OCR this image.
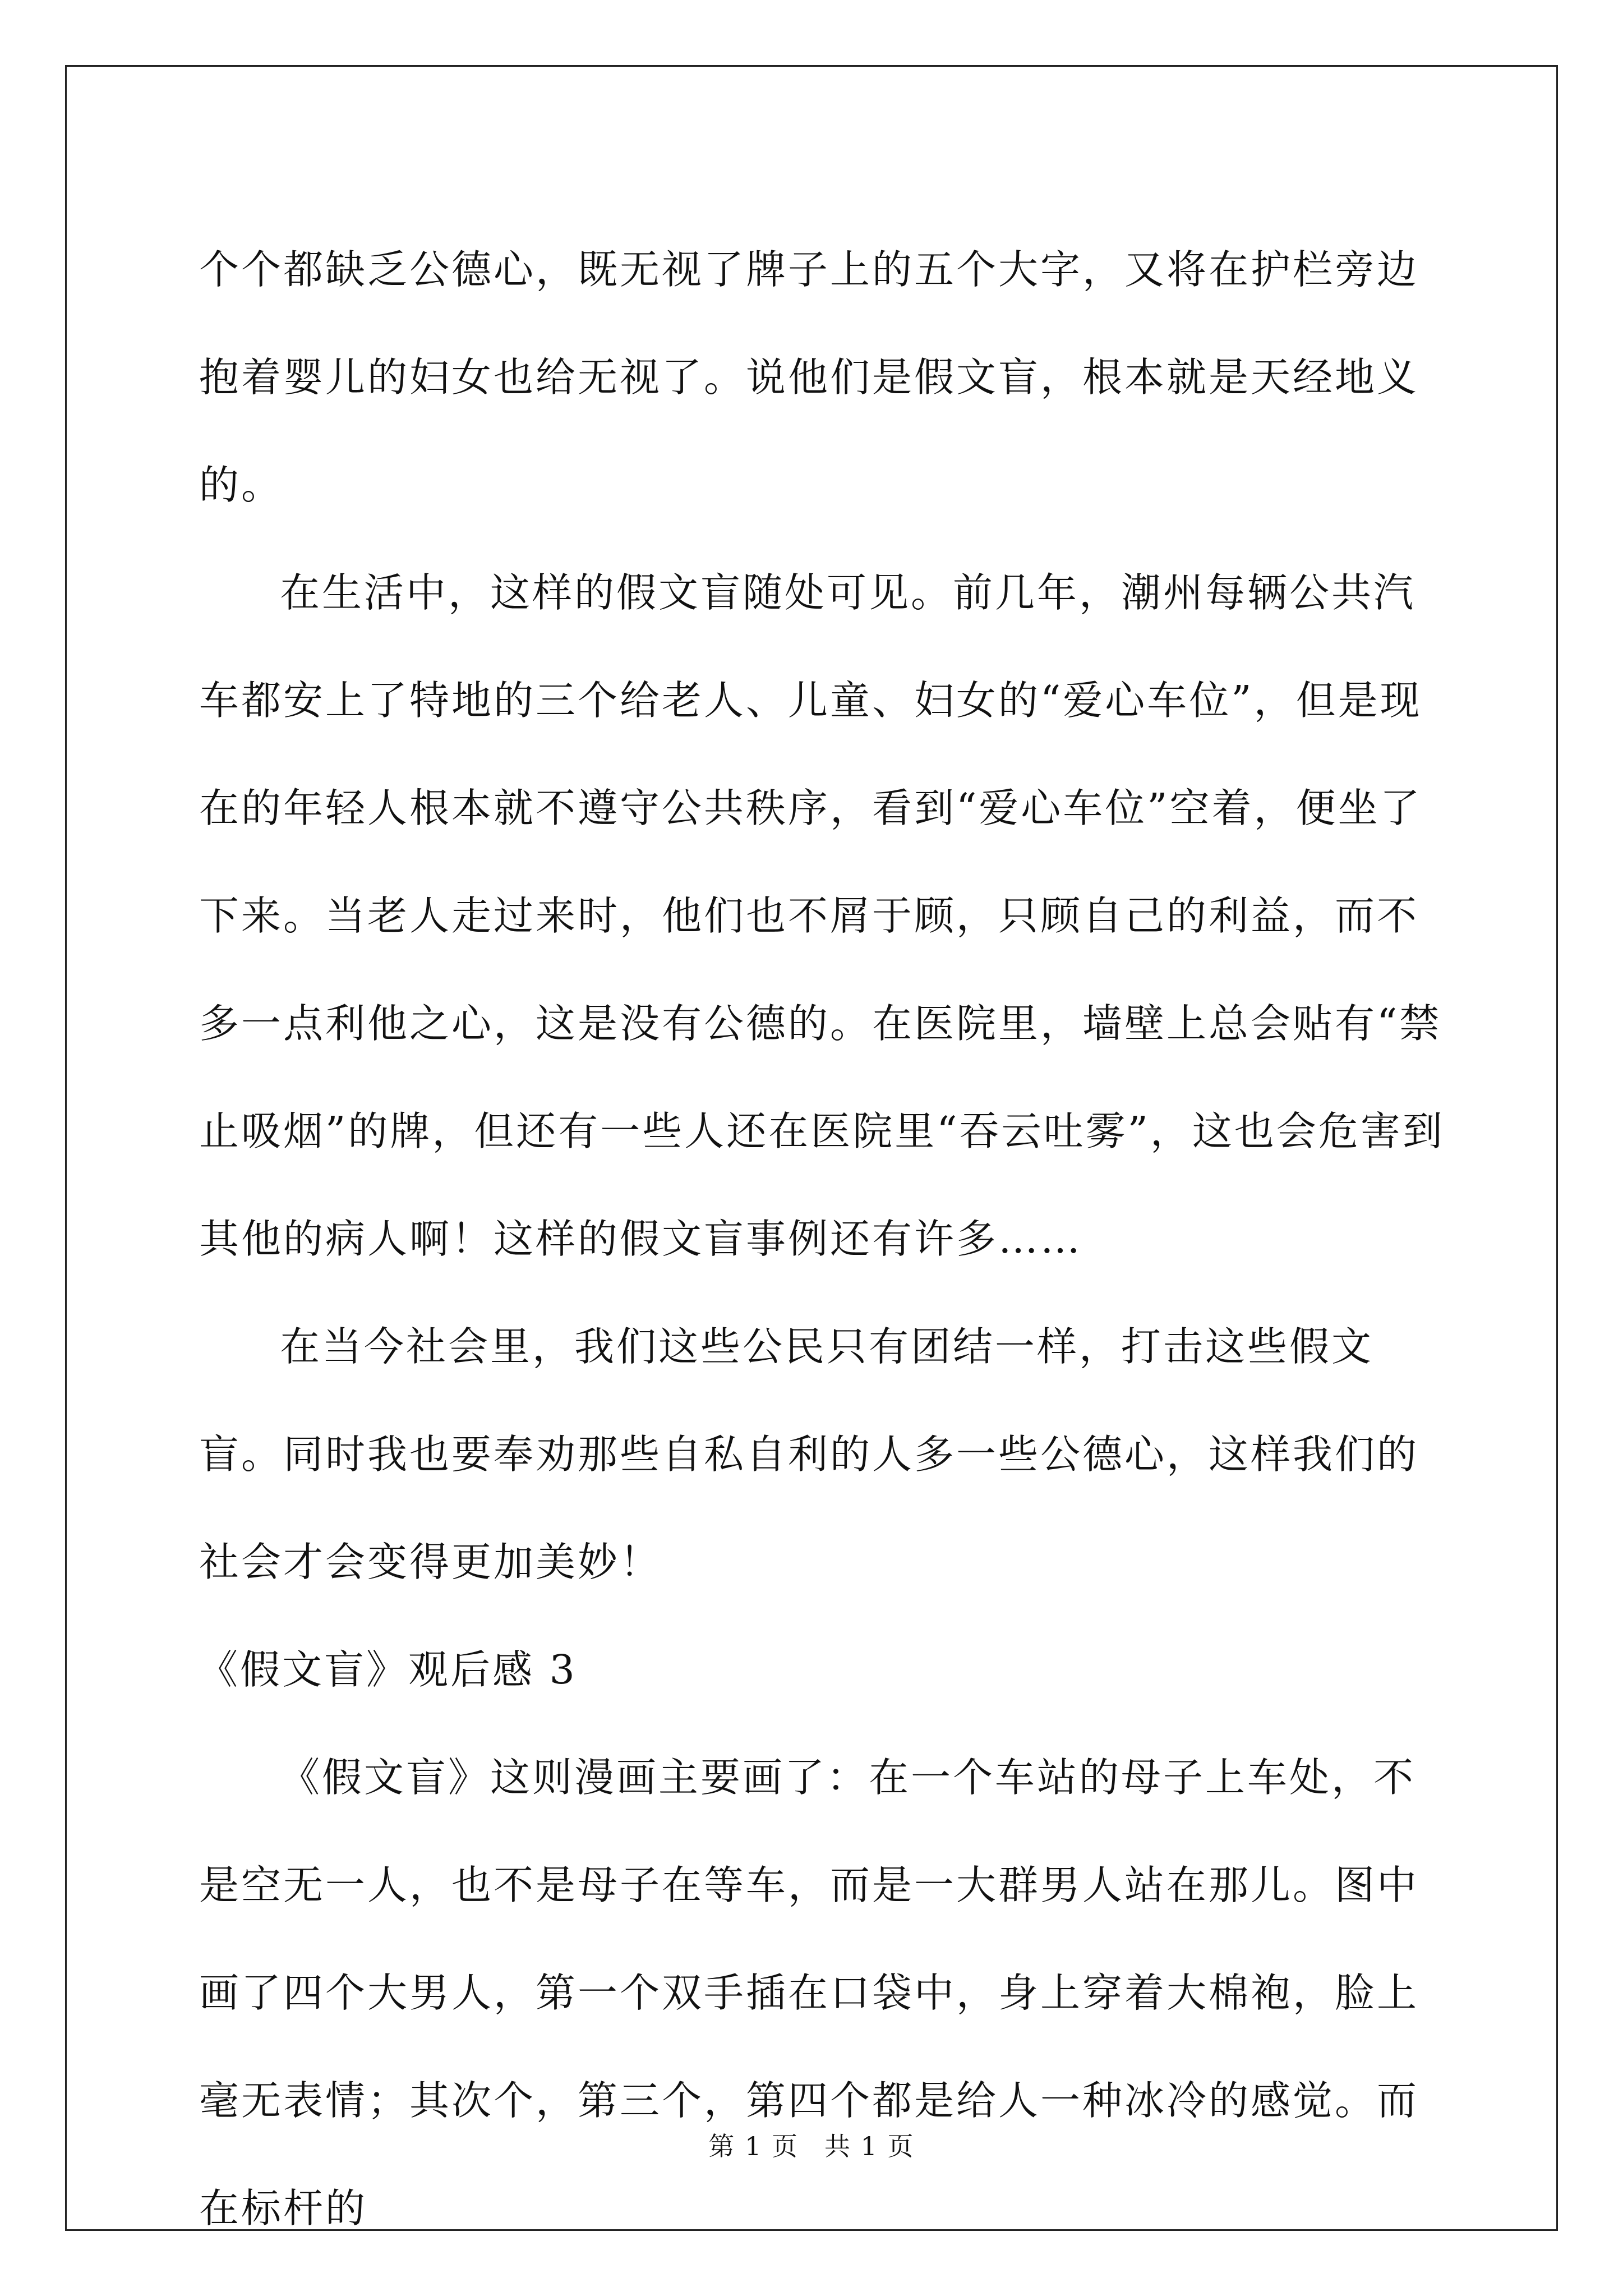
个个都缺乏公德心，既无视了牌子上的五个大字，又将在护栏旁边抱着婴儿的妇女也给无视了。说他们是假文盲，根本就是天经地义的。

在生活中，这样的假文盲随处可见。前几年，潮州每辆公共汽车都安上了特地的三个给老人、儿童、妇女的“爱心车位”，但是现在的年轻人根本就不遵守公共秩序，看到“爱心车位”空着，便坐了下来。当老人走过来时，他们也不屑于顾，只顾自己的利益，而不多一点利他之心，这是没有公德的。在医院里，墙壁上总会贴有“禁止吸烟”的牌，但还有一些人还在医院里“吞云吐雾”，这也会危害到其他的病人啊！这样的假文盲事例还有许多……

在当今社会里，我们这些公民只有团结一样，打击这些假文盲。同时我也要奉劝那些自私自利的人多一些公德心，这样我们的社会才会变得更加美妙！

《假文盲》观后感 3

《假文盲》这则漫画主要画了：在一个车站的母子上车处，不是空无一人，也不是母子在等车，而是一大群男人站在那儿。图中画了四个大男人，第一个双手插在口袋中，身上穿着大棉袍，脸上毫无表情；其次个，第三个，第四个都是给人一种冰冷的感觉。而在标杆的

第 1 页 共 1 页
